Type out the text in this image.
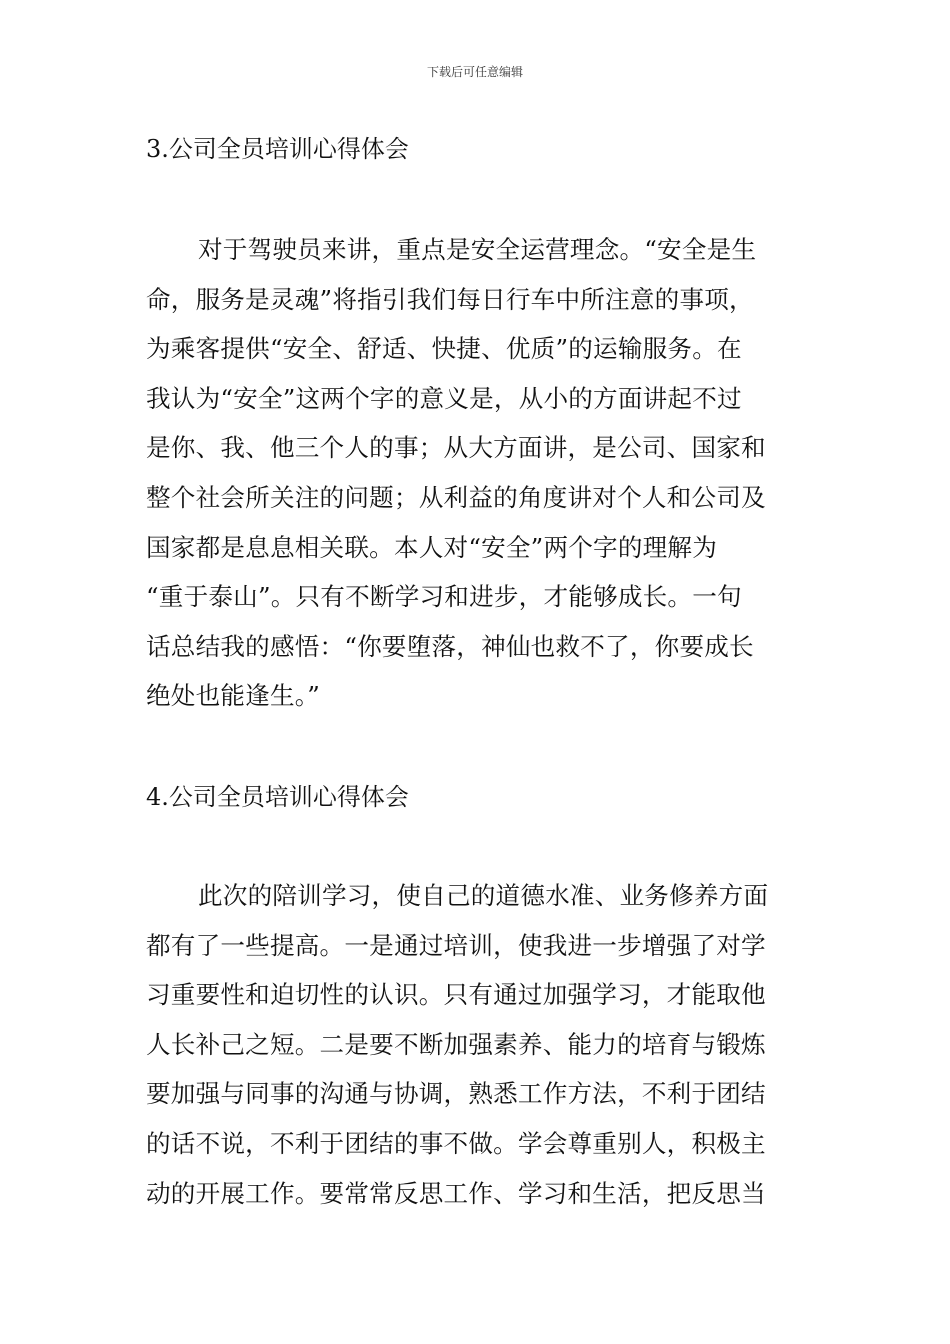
下载后可任意编辑
3.公司全员培训心得体会
对于驾驶员来讲，重点是安全运营理念。“安全是生
命，服务是灵魂”将指引我们每日行车中所注意的事项，
为乘客提供“安全、舒适、快捷、优质”的运输服务。在
我认为“安全”这两个字的意义是，从小的方面讲起不过
是你、我、他三个人的事；从大方面讲，是公司、国家和
整个社会所关注的问题；从利益的角度讲对个人和公司及
国家都是息息相关联。本人对“安全”两个字的理解为
“重于泰山”。只有不断学习和进步，才能够成长。一句
话总结我的感悟：“你要堕落，神仙也救不了，你要成长
绝处也能逢生。”
4.公司全员培训心得体会
此次的陪训学习，使自己的道德水准、业务修养方面
都有了一些提高。一是通过培训，使我进一步增强了对学
习重要性和迫切性的认识。只有通过加强学习，才能取他
人长补己之短。二是要不断加强素养、能力的培育与锻炼
要加强与同事的沟通与协调，熟悉工作方法，不利于团结
的话不说，不利于团结的事不做。学会尊重别人，积极主
动的开展工作。要常常反思工作、学习和生活，把反思当
